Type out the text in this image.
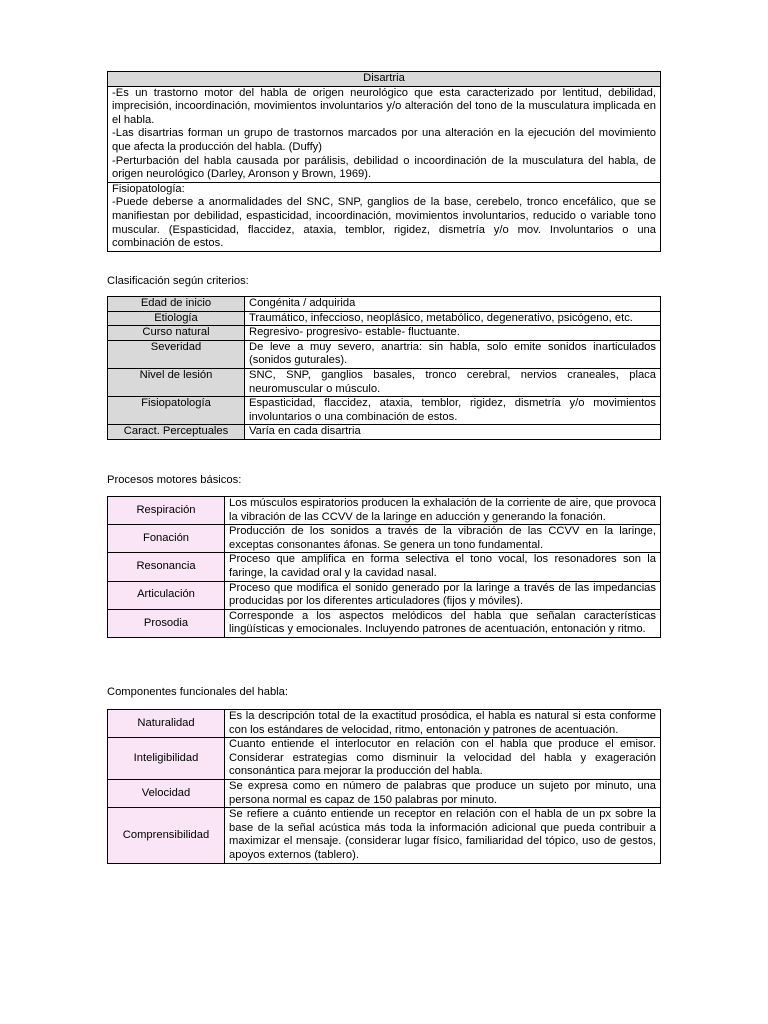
Disartria

-Es un trastorno motor del habla de origen neurológico que esta caracterizado por lentitud, debilidad, imprecisión, incoordinación, movimientos involuntarios y/o alteración del tono de la musculatura implicada en el habla.
-Las disartrias forman un grupo de trastornos marcados por una alteración en la ejecución del movimiento que afecta la producción del habla. (Duffy)
-Perturbación del habla causada por parálisis, debilidad o incoordinación de la musculatura del habla, de origen neurológico (Darley, Aronson y Brown, 1969).

Fisiopatología:
-Puede deberse a anormalidades del SNC, SNP, ganglios de la base, cerebelo, tronco encefálico, que se manifiestan por debilidad, espasticidad, incoordinación, movimientos involuntarios, reducido o variable tono muscular. (Espasticidad, flaccidez, ataxia, temblor, rigidez, dismetría y/o mov. Involuntarios o una combinación de estos.
Clasificación según criterios:
Edad de inicio	Congénita / adquirida
Etiología	Traumático, infeccioso, neoplásico, metabólico, degenerativo, psicógeno, etc.
Curso natural	Regresivo- progresivo- estable- fluctuante.
Severidad	De leve a muy severo, anartria: sin habla, solo emite sonidos inarticulados (sonidos guturales).
Nivel de lesión	SNC, SNP, ganglios basales, tronco cerebral, nervios craneales, placa neuromuscular o músculo.
Fisiopatología	Espasticidad, flaccidez, ataxia, temblor, rigidez, dismetría y/o movimientos involuntarios o una combinación de estos.
Caract. Perceptuales	Varía en cada disartria
Procesos motores básicos:
Respiración	Los músculos espiratorios producen la exhalación de la corriente de aire, que provoca la vibración de las CCVV de la laringe en aducción y generando la fonación.
Fonación	Producción de los sonidos a través de la vibración de las CCVV en la laringe, exceptas consonantes áfonas. Se genera un tono fundamental.
Resonancia	Proceso que amplifica en forma selectiva el tono vocal, los resonadores son la faringe, la cavidad oral y la cavidad nasal.
Articulación	Proceso que modifica el sonido generado por la laringe a través de las impedancias producidas por los diferentes articuladores (fijos y móviles).
Prosodia	Corresponde a los aspectos melódicos del habla que señalan características lingüísticas y emocionales. Incluyendo patrones de acentuación, entonación y ritmo.
Componentes funcionales del habla:
Naturalidad	Es la descripción total de la exactitud prosódica, el habla es natural si esta conforme con los estándares de velocidad, ritmo, entonación y patrones de acentuación.
Inteligibilidad	Cuanto entiende el interlocutor en relación con el habla que produce el emisor. Considerar estrategias como disminuir la velocidad del habla y exageración consonántica para mejorar la producción del habla.
Velocidad	Se expresa como en número de palabras que produce un sujeto por minuto, una persona normal es capaz de 150 palabras por minuto.
Comprensibilidad	Se refiere a cuánto entiende un receptor en relación con el habla de un px sobre la base de la señal acústica más toda la información adicional que pueda contribuir a maximizar el mensaje. (considerar lugar físico, familiaridad del tópico, uso de gestos, apoyos externos (tablero).
